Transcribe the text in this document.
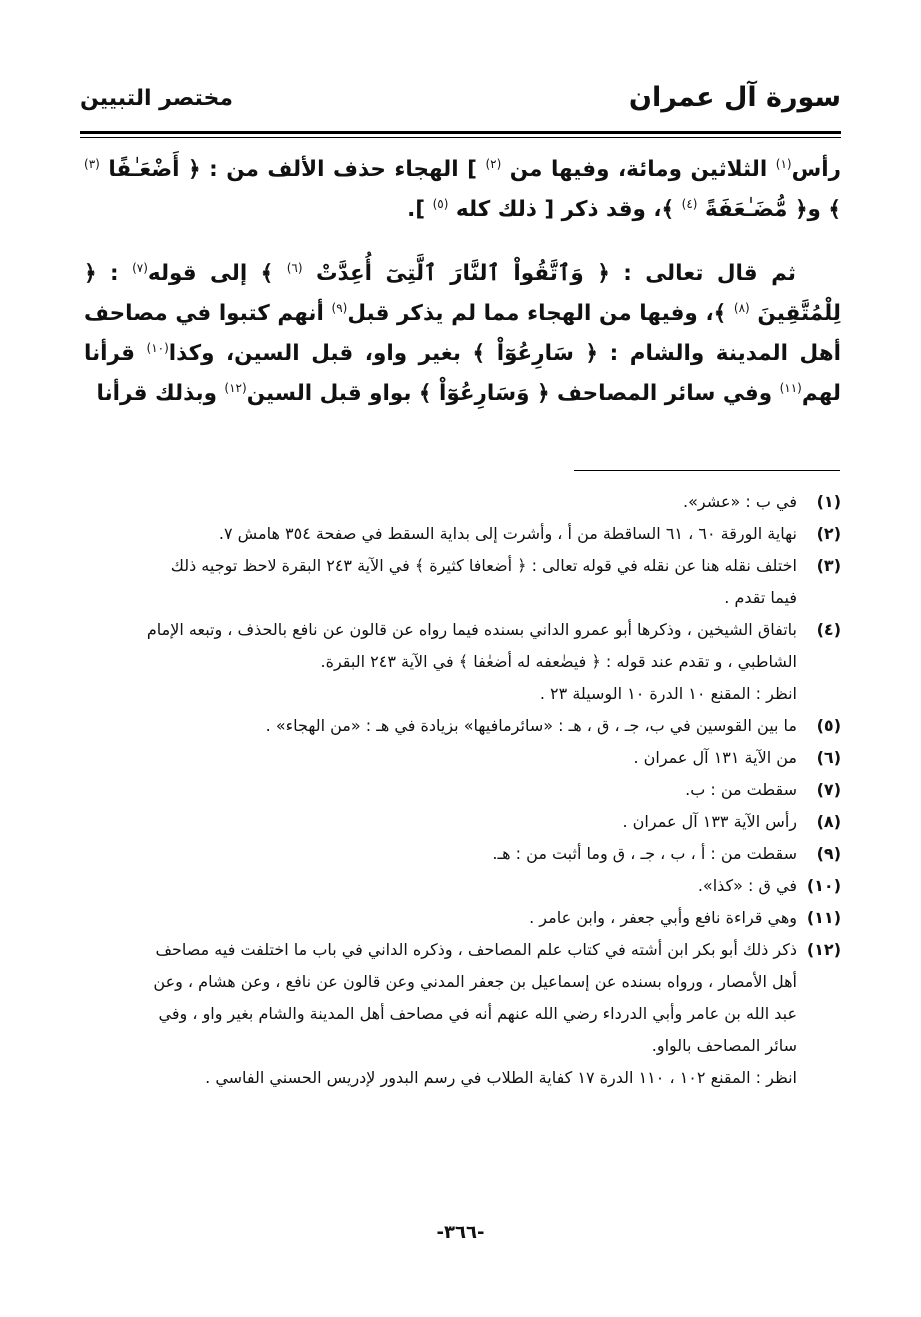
سورة آل عمران
مختصر التبيين

رأس$^{(١)}$ الثلاثين ومائة، وفيها من $^{(٢)}$ ] الهجاء حذف الألف من : ﴿ أَضْعَـٰفًا $^{(٣)}$ ﴾ و﴿ مُّضَـٰعَفَةً $^{(٤)}$ ﴾، وقد ذكر [ ذلك كله $^{(٥)}$ ].

ثم قال تعالى : ﴿ وَٱتَّقُواْ ٱلنَّارَ ٱلَّتِىٓ أُعِدَّتْ $^{(٦)}$ ﴾ إلى قوله$^{(٧)}$ : ﴿ لِلْمُتَّقِينَ $^{(٨)}$ ﴾، وفيها من الهجاء مما لم يذكر قبل$^{(٩)}$ أنهم كتبوا في مصاحف أهل المدينة والشام : ﴿ سَارِعُوٓاْ ﴾ بغير واو، قبل السين، وكذا$^{(١٠)}$ قرأنا لهم$^{(١١)}$ وفي سائر المصاحف ﴿ وَسَارِعُوٓاْ ﴾ بواو قبل السين$^{(١٢)}$ وبذلك قرأنا

(١)
في ب : «عشر».
(٢)
نهاية الورقة ٦٠ ، ٦١ الساقطة من أ ، وأشرت إلى بداية السقط في صفحة ٣٥٤ هامش ٧.
(٣)
اختلف نقله هنا عن نقله في قوله تعالى : ﴿ أضعافا كثيرة ﴾ في الآية ٢٤٣ البقرة لاحظ توجيه ذلك
فيما تقدم .
(٤)
باتفاق الشيخين ، وذكرها أبو عمرو الداني بسنده فيما رواه عن قالون عن نافع بالحذف ، وتبعه الإمام
الشاطبي ، و تقدم عند قوله : ﴿ فيضٰعفه له أضعٰفا ﴾ في الآية ٢٤٣ البقرة.
انظر : المقنع ١٠ الدرة ١٠ الوسيلة ٢٣ .
(٥)
ما بين القوسين في ب، جـ ، ق ، هـ : «سائرمافيها» بزيادة في هـ : «من الهجاء» .
(٦)
من الآية ١٣١ آل عمران .
(٧)
سقطت من : ب.
(٨)
رأس الآية ١٣٣ آل عمران .
(٩)
سقطت من : أ ، ب ، جـ ، ق وما أثبت من : هـ.
(١٠)
في ق : «كذا».
(١١)
وهي قراءة نافع وأبي جعفر ، وابن عامر .
(١٢)
ذكر ذلك أبو بكر ابن أشته في كتاب علم المصاحف ، وذكره الداني في باب ما اختلفت فيه مصاحف
أهل الأمصار ، ورواه بسنده عن إسماعيل بن جعفر المدني وعن قالون عن نافع ، وعن هشام ، وعن
عبد الله بن عامر وأبي الدرداء رضي الله عنهم أنه في مصاحف أهل المدينة والشام بغير واو ، وفي
سائر المصاحف بالواو.
انظر : المقنع ١٠٢ ، ١١٠ الدرة ١٧ كفاية الطلاب في رسم البدور لإدريس الحسني الفاسي .
-٣٦٦-
